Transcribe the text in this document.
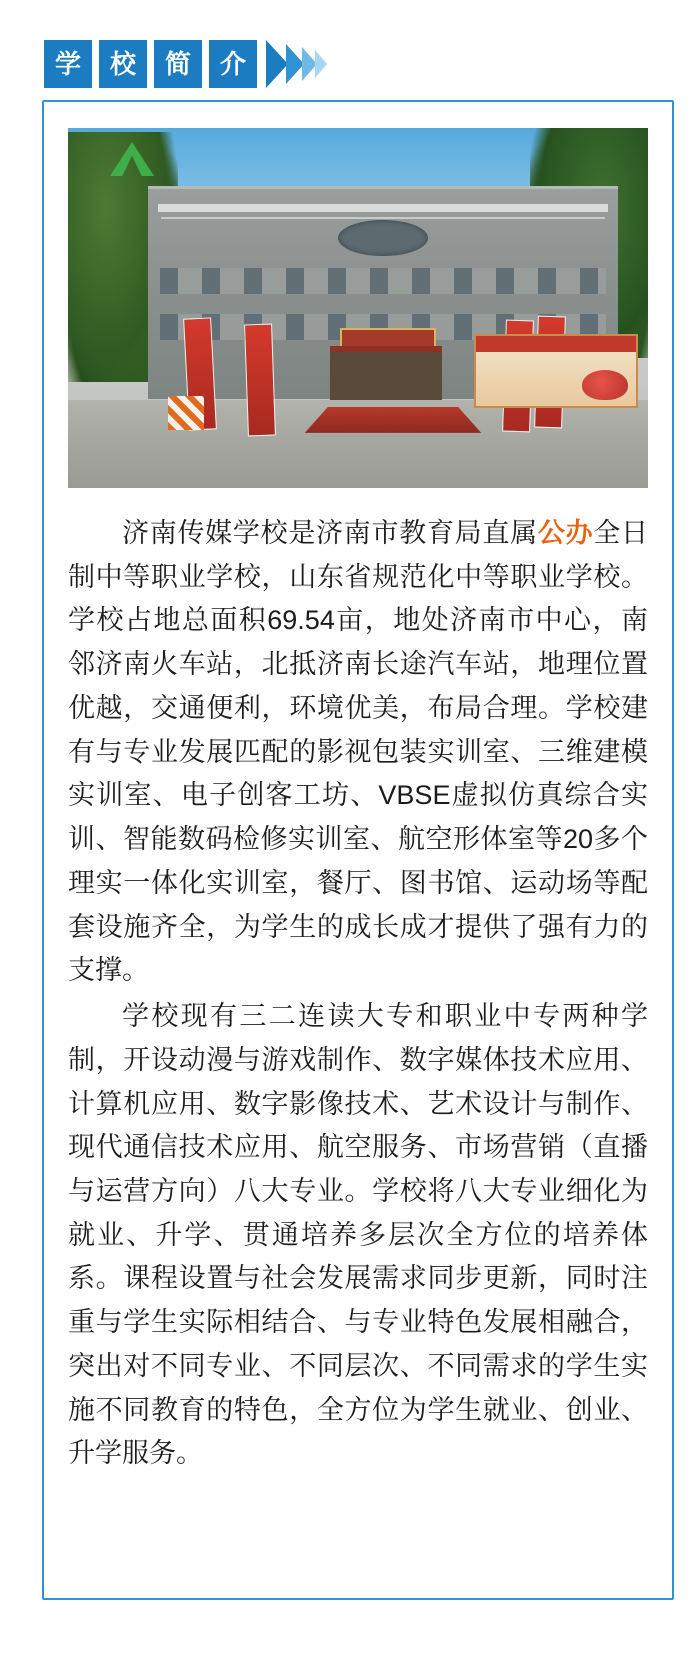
学	校	简	介

济南传媒学校是济南市教育局直属公办全日制中等职业学校，山东省规范化中等职业学校。学校占地总面积69.54亩，地处济南市中心，南邻济南火车站，北抵济南长途汽车站，地理位置优越，交通便利，环境优美，布局合理。学校建有与专业发展匹配的影视包装实训室、三维建模实训室、电子创客工坊、VBSE虚拟仿真综合实训、智能数码检修实训室、航空形体室等20多个理实一体化实训室，餐厅、图书馆、运动场等配套设施齐全，为学生的成长成才提供了强有力的支撑。

学校现有三二连读大专和职业中专两种学制，开设动漫与游戏制作、数字媒体技术应用、计算机应用、数字影像技术、艺术设计与制作、现代通信技术应用、航空服务、市场营销（直播与运营方向）八大专业。学校将八大专业细化为就业、升学、贯通培养多层次全方位的培养体系。课程设置与社会发展需求同步更新，同时注重与学生实际相结合、与专业特色发展相融合，突出对不同专业、不同层次、不同需求的学生实施不同教育的特色，全方位为学生就业、创业、升学服务。
